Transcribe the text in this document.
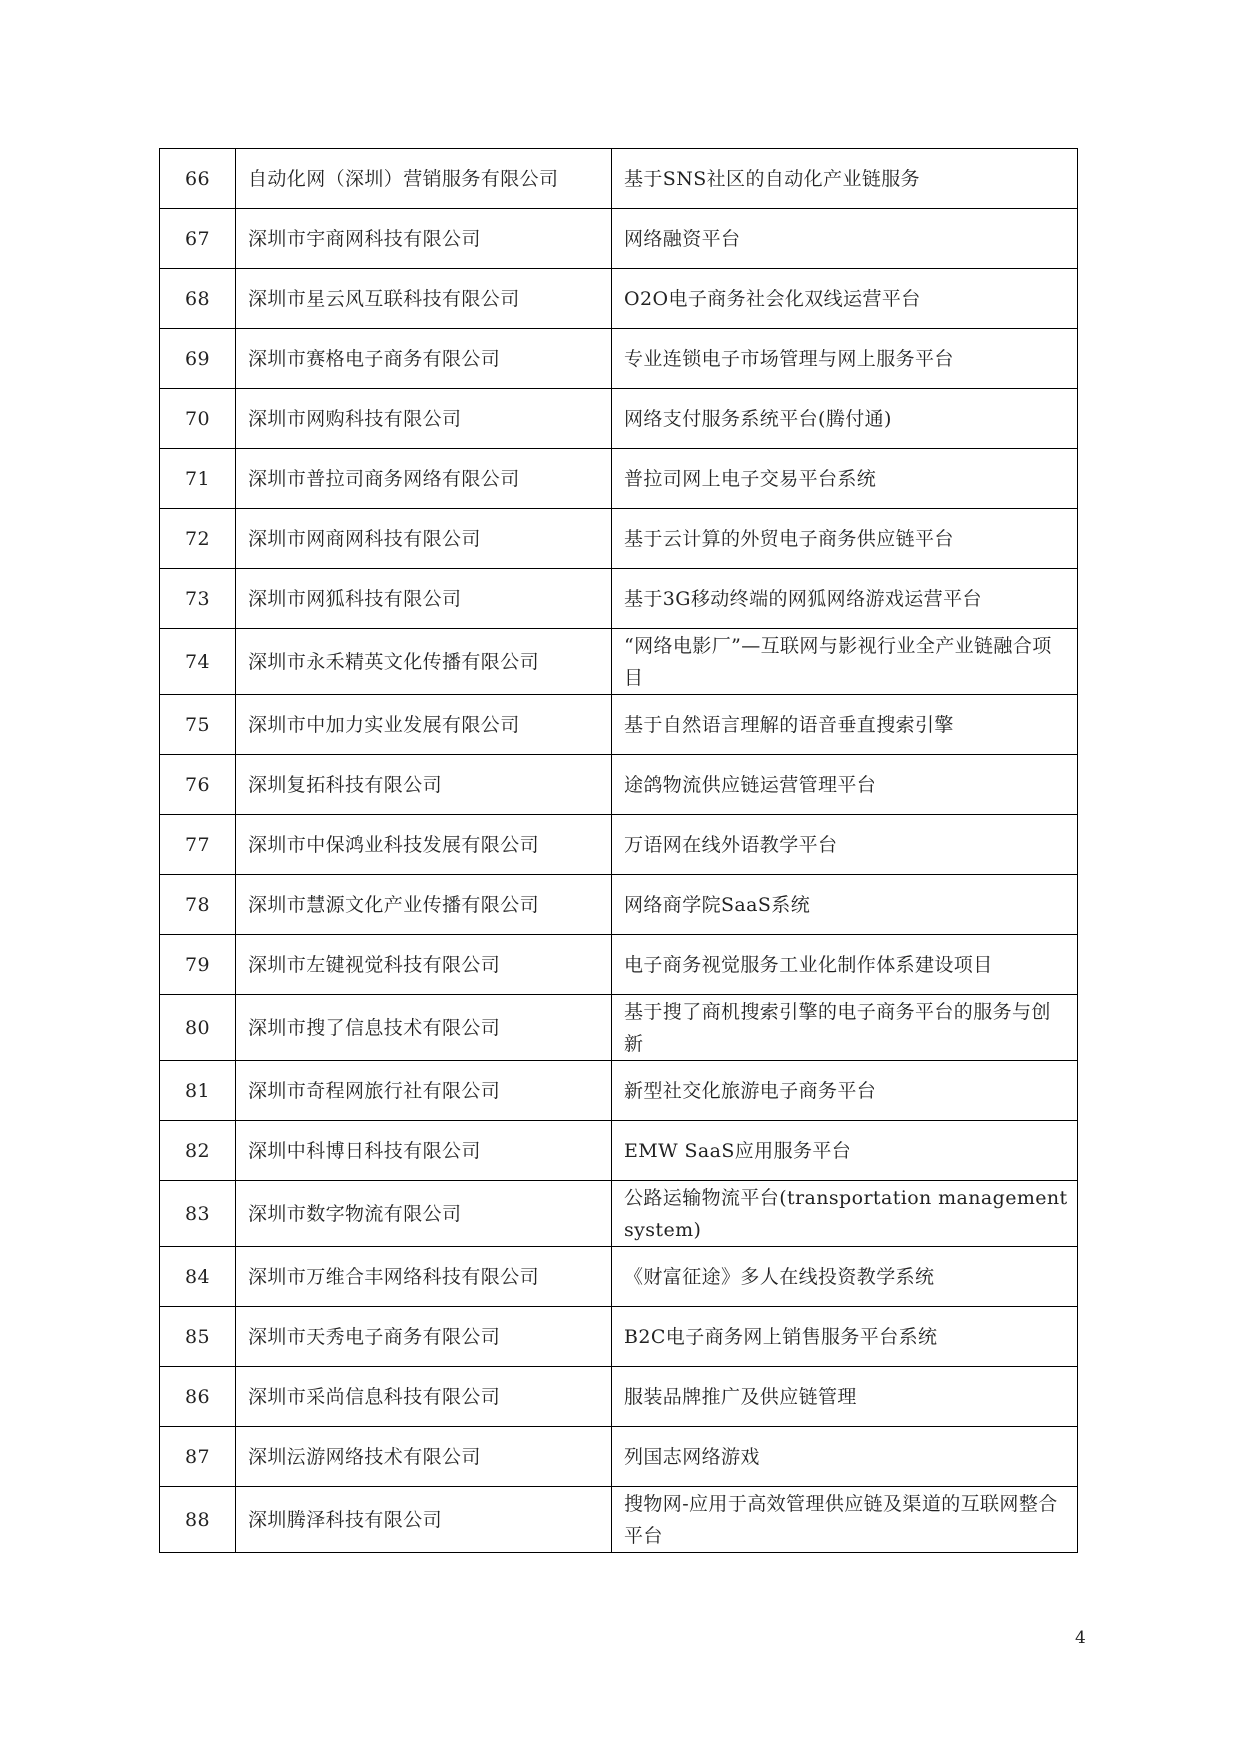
66	自动化网（深圳）营销服务有限公司	基于SNS社区的自动化产业链服务
67	深圳市宇商网科技有限公司	网络融资平台
68	深圳市星云风互联科技有限公司	O2O电子商务社会化双线运营平台
69	深圳市赛格电子商务有限公司	专业连锁电子市场管理与网上服务平台
70	深圳市网购科技有限公司	网络支付服务系统平台(腾付通)
71	深圳市普拉司商务网络有限公司	普拉司网上电子交易平台系统
72	深圳市网商网科技有限公司	基于云计算的外贸电子商务供应链平台
73	深圳市网狐科技有限公司	基于3G移动终端的网狐网络游戏运营平台
74	深圳市永禾精英文化传播有限公司	“网络电影厂”—互联网与影视行业全产业链融合项目
75	深圳市中加力实业发展有限公司	基于自然语言理解的语音垂直搜索引擎
76	深圳复拓科技有限公司	途鸽物流供应链运营管理平台
77	深圳市中保鸿业科技发展有限公司	万语网在线外语教学平台
78	深圳市慧源文化产业传播有限公司	网络商学院SaaS系统
79	深圳市左键视觉科技有限公司	电子商务视觉服务工业化制作体系建设项目
80	深圳市搜了信息技术有限公司	基于搜了商机搜索引擎的电子商务平台的服务与创新
81	深圳市奇程网旅行社有限公司	新型社交化旅游电子商务平台
82	深圳中科博日科技有限公司	EMW SaaS应用服务平台
83	深圳市数字物流有限公司	公路运输物流平台(transportation management system)
84	深圳市万维合丰网络科技有限公司	《财富征途》多人在线投资教学系统
85	深圳市天秀电子商务有限公司	B2C电子商务网上销售服务平台系统
86	深圳市采尚信息科技有限公司	服装品牌推广及供应链管理
87	深圳沄游网络技术有限公司	列国志网络游戏
88	深圳腾泽科技有限公司	搜物网-应用于高效管理供应链及渠道的互联网整合平台
4
